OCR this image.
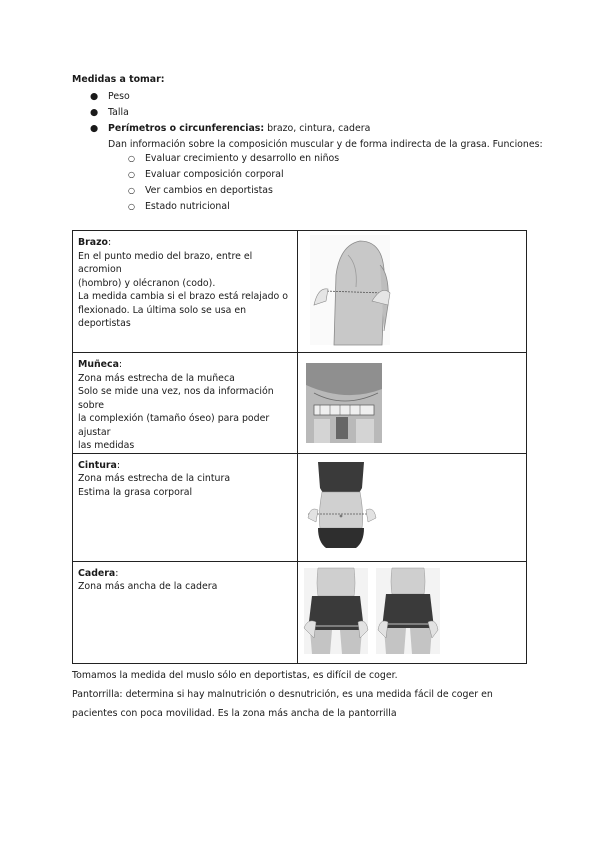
Medidas a tomar:
● Peso
● Talla
● Perímetros o circunferencias: brazo, cintura, cadera
Dan información sobre la composición muscular y de forma indirecta de la grasa. Funciones:
○ Evaluar crecimiento y desarrollo en niños
○ Evaluar composición corporal
○ Ver cambios en deportistas
○ Estado nutricional
Brazo:
En el punto medio del brazo, entre el acromion
(hombro) y olécranon (codo).
La medida cambia si el brazo está relajado o
flexionado. La última solo se usa en deportistas	
Muñeca:
Zona más estrecha de la muñeca
Solo se mide una vez, nos da información sobre
la complexión (tamaño óseo) para poder ajustar
las medidas	
Cintura:
Zona más estrecha de la cintura
Estima la grasa corporal	
Cadera:
Zona más ancha de la cadera	

Tomamos la medida del muslo sólo en deportistas, es difícil de coger.

Pantorrilla: determina si hay malnutrición o desnutrición, es una medida fácil de coger en pacientes con poca movilidad. Es la zona más ancha de la pantorrilla
